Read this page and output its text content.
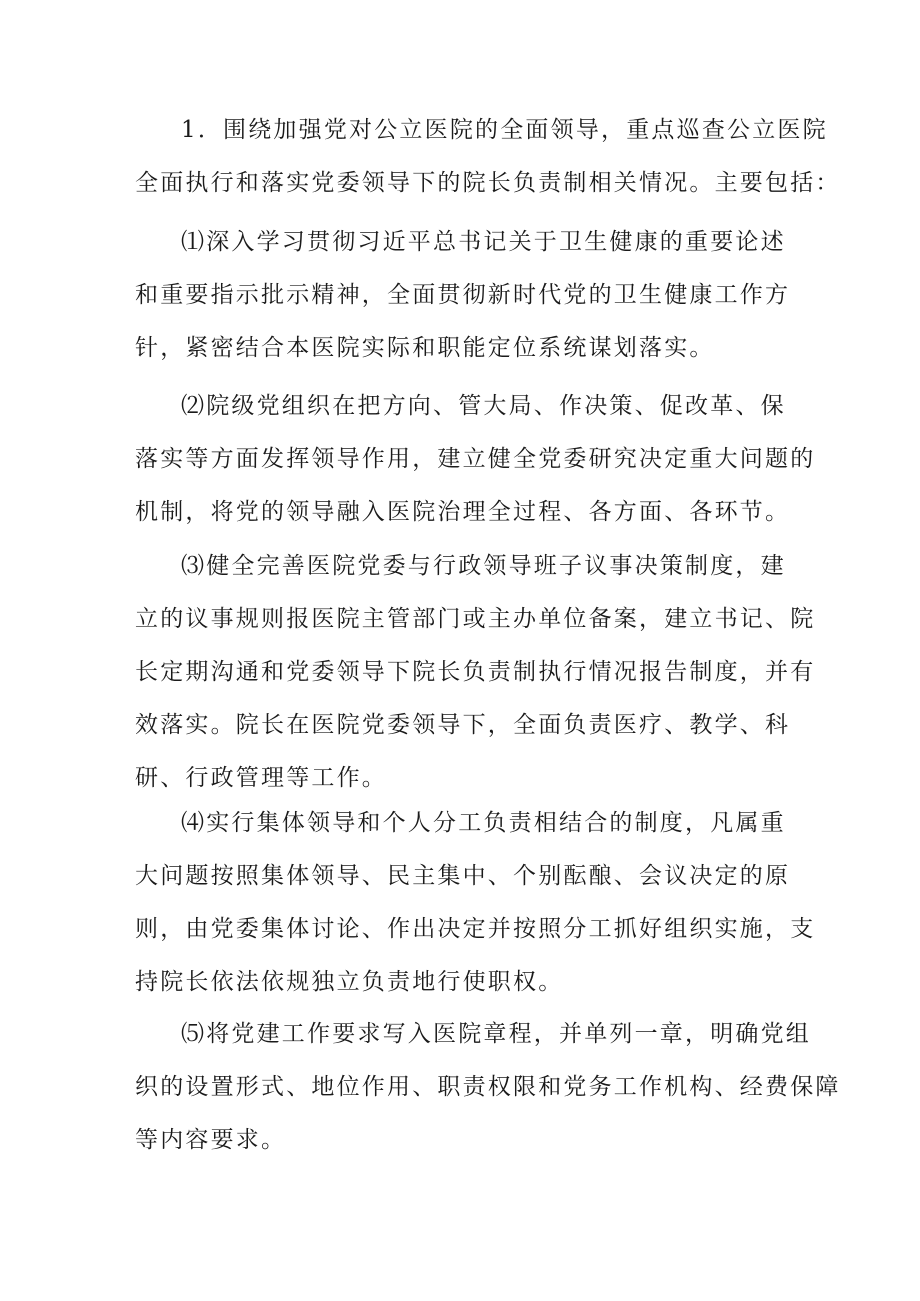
1．围绕加强党对公立医院的全面领导，重点巡查公立医院
全面执行和落实党委领导下的院长负责制相关情况。主要包括：
⑴深入学习贯彻习近平总书记关于卫生健康的重要论述
和重要指示批示精神，全面贯彻新时代党的卫生健康工作方
针，紧密结合本医院实际和职能定位系统谋划落实。
⑵院级党组织在把方向、管大局、作决策、促改革、保
落实等方面发挥领导作用，建立健全党委研究决定重大问题的
机制，将党的领导融入医院治理全过程、各方面、各环节。
⑶健全完善医院党委与行政领导班子议事决策制度，建
立的议事规则报医院主管部门或主办单位备案，建立书记、院
长定期沟通和党委领导下院长负责制执行情况报告制度，并有
效落实。院长在医院党委领导下，全面负责医疗、教学、科
研、行政管理等工作。
⑷实行集体领导和个人分工负责相结合的制度，凡属重
大问题按照集体领导、民主集中、个别酝酿、会议决定的原
则，由党委集体讨论、作出决定并按照分工抓好组织实施，支
持院长依法依规独立负责地行使职权。
⑸将党建工作要求写入医院章程，并单列一章，明确党组
织的设置形式、地位作用、职责权限和党务工作机构、经费保障
等内容要求。
